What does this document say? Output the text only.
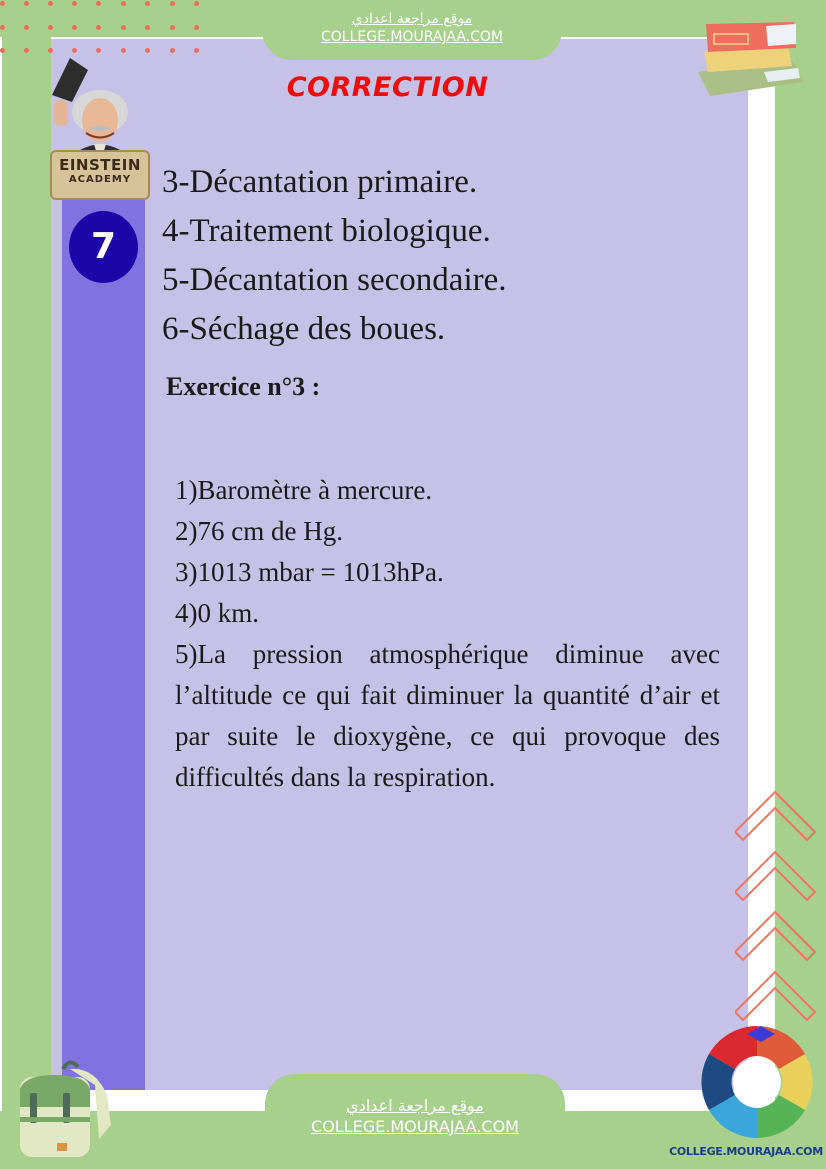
موقع مراجعة اعدادي
COLLEGE.MOURAJAA.COM
CORRECTION
EINSTEIN
ACADEMY
7
3-Décantation primaire.
4-Traitement biologique.
5-Décantation secondaire.
6-Séchage des boues.
Exercice n°3 :
1)Baromètre à mercure.
2)76 cm de Hg.
3)1013 mbar = 1013hPa.
4)0 km.
5)La pression atmosphérique diminue avec l’altitude ce qui fait diminuer la quantité d’air et par suite le dioxygène, ce qui provoque des difficultés dans la respiration.
COLLEGE.MOURAJAA.COM
موقع مراجعة اعدادي
COLLEGE.MOURAJAA.COM
